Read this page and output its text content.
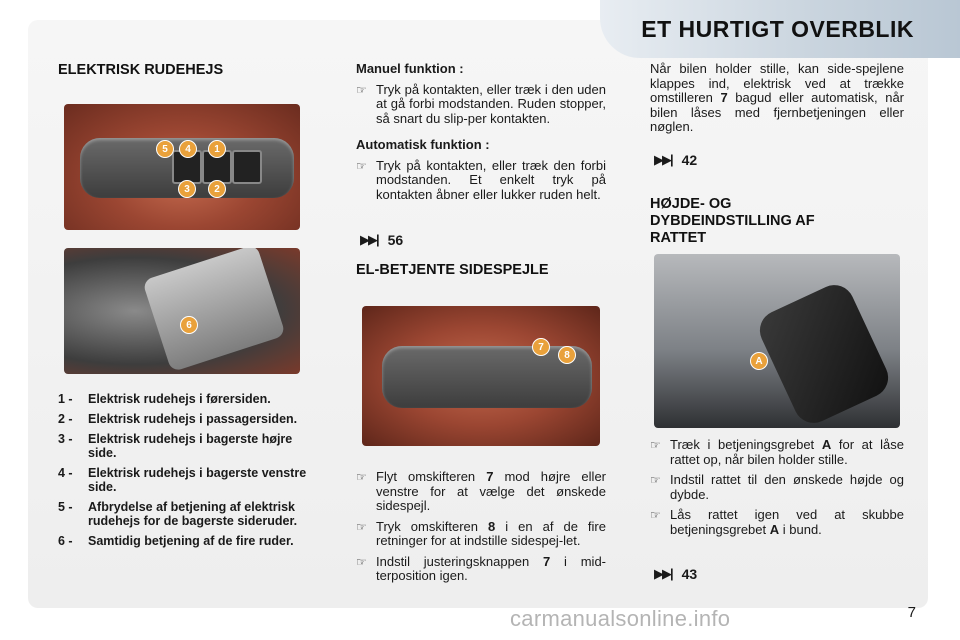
ET HURTIGT OVERBLIK
ELEKTRISK RUDEHEJS
5	4	1
3	2
6
1 -	Elektrisk rudehejs i førersiden.
2 -	Elektrisk rudehejs i passagersiden.
3 -	Elektrisk rudehejs i bagerste højre side.
4 -	Elektrisk rudehejs i bagerste venstre side.
5 -	Afbrydelse af betjening af elektrisk rudehejs for de bagerste sideruder.
6 -	Samtidig betjening af de fire ruder.
Manuel funktion :

☞ Tryk på kontakten, eller træk i den uden at gå forbi modstanden. Ruden stopper, så snart du slip-per kontakten.

Automatisk funktion :

☞ Tryk på kontakten, eller træk den forbi modstanden. Et enkelt tryk på kontakten åbner eller lukker ruden helt.

▶▶| 56
EL-BETJENTE SIDESPEJLE
7
8

☞ Flyt omskifteren 7 mod højre eller venstre for at vælge det ønskede sidespejl.

☞ Tryk omskifteren 8 i en af de fire retninger for at indstille sidespej-let.

☞ Indstil justeringsknappen 7 i mid-terposition igen.

Når bilen holder stille, kan side-spejlene klappes ind, elektrisk ved at trække omstilleren 7 bagud eller automatisk, når bilen låses med fjernbetjeningen eller nøglen.
▶▶| 42
HØJDE- OG DYBDEINDSTILLING AF RATTET
A

☞ Træk i betjeningsgrebet A for at låse rattet op, når bilen holder stille.

☞ Indstil rattet til den ønskede højde og dybde.

☞ Lås rattet igen ved at skubbe betjeningsgrebet A i bund.

▶▶| 43
7
carmanualsonline.info
